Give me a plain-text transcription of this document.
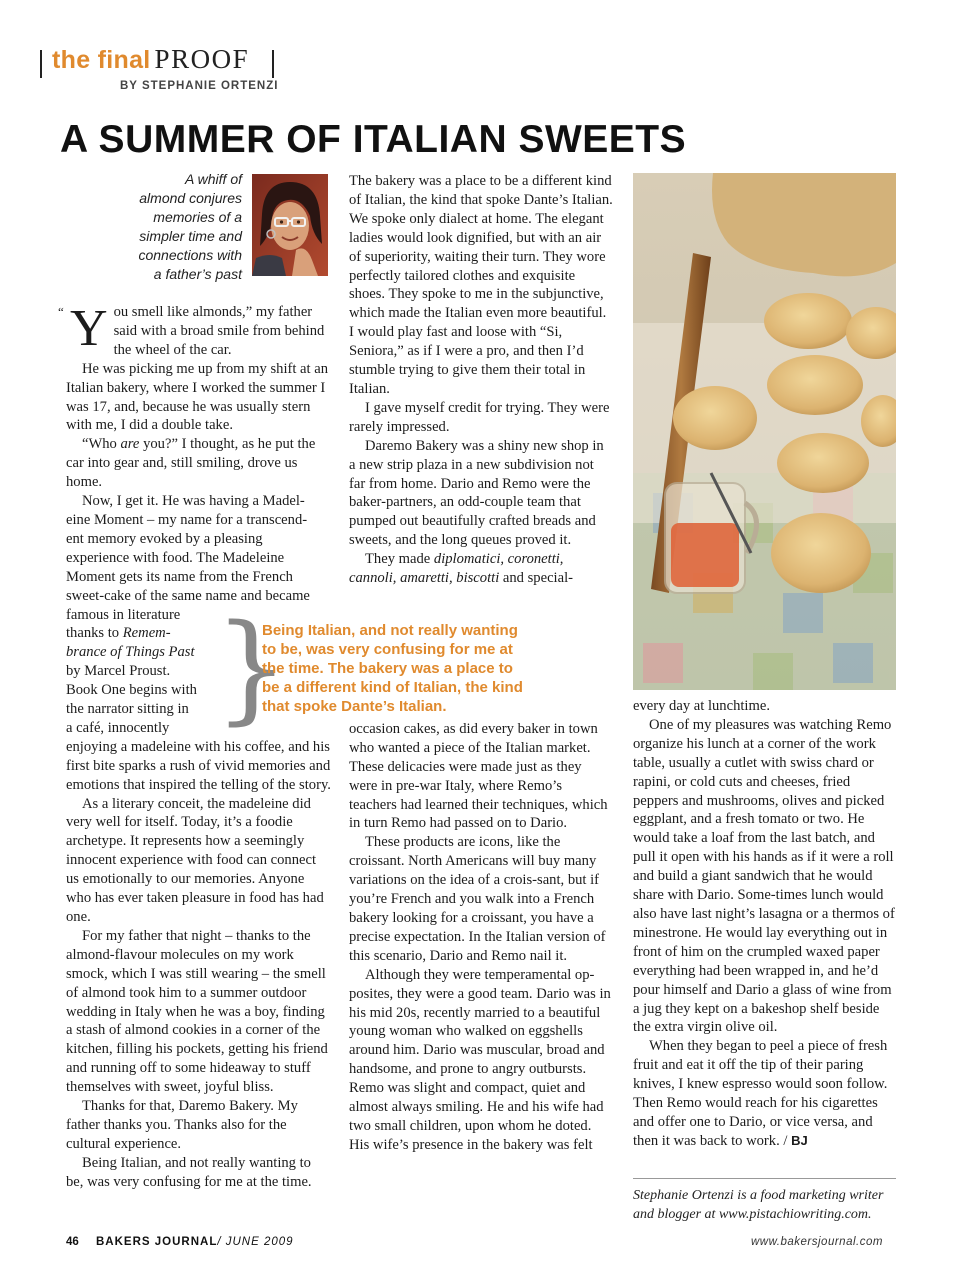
the final PROOF
BY STEPHANIE ORTENZI
A SUMMER OF ITALIAN SWEETS
A whiff of
almond conjures
memories of a
simpler time and
connections with
a father’s past
“ You smell like almonds,” my father said with a broad smile from behind the wheel of the car.

He was picking me up from my shift at an Italian bakery, where I worked the summer I was 17, and, because he was usually stern with me, I did a double take.

“Who are you?” I thought, as he put the car into gear and, still smiling, drove us home.

Now, I get it. He was having a Madel-
eine Moment – my name for a transcend-
ent memory evoked by a pleasing
experience with food. The Madeleine
Moment gets its name from the French
sweet-cake of the same name and became
famous in literature
thanks to Remem-
brance of Things Past
by Marcel Proust.
Book One begins with
the narrator sitting in
a café, innocently
enjoying a madeleine with his coffee, and his first bite sparks a rush of vivid memories and emotions that inspired the telling of the story.

As a literary conceit, the madeleine did very well for itself. Today, it’s a foodie archetype. It represents how a seemingly innocent experience with food can connect us emotionally to our memories. Anyone who has ever taken pleasure in food has had one.

For my father that night – thanks to the almond-flavour molecules on my work smock, which I was still wearing – the smell of almond took him to a summer outdoor wedding in Italy when he was a boy, finding a stash of almond cookies in a corner of the kitchen, filling his pockets, getting his friend and running off to some hideaway to stuff themselves with sweet, joyful bliss.

Thanks for that, Daremo Bakery. My father thanks you. Thanks also for the cultural experience.

Being Italian, and not really wanting to be, was very confusing for me at the time.

}
Being Italian, and not really wanting
to be, was very confusing for me at
the time. The bakery was a place to
be a different kind of Italian, the kind
that spoke Dante’s Italian.

The bakery was a place to be a different kind of Italian, the kind that spoke Dante’s Italian. We spoke only dialect at home. The elegant ladies would look dignified, but with an air of superiority, waiting their turn. They wore perfectly tailored clothes and exquisite shoes. They spoke to me in the subjunctive, which made the Italian even more beautiful. I would play fast and loose with “Si, Seniora,” as if I were a pro, and then I’d stumble trying to give them their total in Italian.

I gave myself credit for trying. They were rarely impressed.

Daremo Bakery was a shiny new shop in a new strip plaza in a new subdivision not far from home. Dario and Remo were the baker-partners, an odd-couple team that pumped out beautifully crafted breads and sweets, and the long queues proved it.

They made diplomatici, coronetti, cannoli, amaretti, biscotti and special-

occasion cakes, as did every baker in town who wanted a piece of the Italian market. These delicacies were made just as they were in pre-war Italy, where Remo’s teachers had learned their techniques, which in turn Remo had passed on to Dario.

These products are icons, like the croissant. North Americans will buy many variations on the idea of a crois-sant, but if you’re French and you walk into a French bakery looking for a croissant, you have a precise expectation. In the Italian version of this scenario, Dario and Remo nail it.

Although they were temperamental op-posites, they were a good team. Dario was in his mid 20s, recently married to a beautiful young woman who walked on eggshells around him. Dario was muscular, broad and handsome, and prone to angry outbursts. Remo was slight and compact, quiet and almost always smiling. He and his wife had two small children, upon whom he doted. His wife’s presence in the bakery was felt

every day at lunchtime.

One of my pleasures was watching Remo organize his lunch at a corner of the work table, usually a cutlet with swiss chard or rapini, or cold cuts and cheeses, fried peppers and mushrooms, olives and picked eggplant, and a fresh tomato or two. He would take a loaf from the last batch, and pull it open with his hands as if it were a roll and build a giant sandwich that he would share with Dario. Some-times lunch would also have last night’s lasagna or a thermos of minestrone. He would lay everything out in front of him on the crumpled waxed paper everything had been wrapped in, and he’d pour himself and Dario a glass of wine from a jug they kept on a bakeshop shelf beside the extra virgin olive oil.

When they began to peel a piece of fresh fruit and eat it off the tip of their paring knives, I knew espresso would soon follow. Then Remo would reach for his cigarettes and offer one to Dario, or vice versa, and then it was back to work. / BJ

Stephanie Ortenzi is a food marketing writer and blogger at www.pistachiowriting.com.
46 BAKERS JOURNAL/ JUNE 2009	www.bakersjournal.com
